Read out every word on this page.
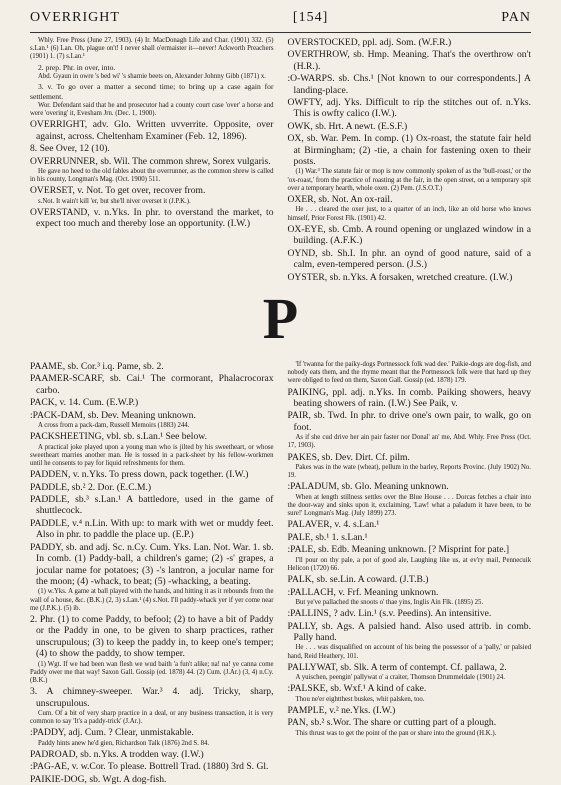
OVERRIGHT	[154]	PAN

Whly. Free Press (June 27, 1903). (4) Ir. MacDonagh Life and Char. (1901) 332. (5) s.Lan.¹ (6) Lan. Oh, plague on't! I never shall o'ermaister it—never! Ackworth Preachers (1901) 1. (7) s.Lan.¹

2. prep. Phr. in over, into.

Abd. Gyaun in owre 's bed wi' 's sharnie beets on, Alexander Johnny Gibb (1871) x.

3. v. To go over a matter a second time; to bring up a case again for settlement.

Wor. Defendant said that he and prosecutor had a county court case 'over' a horse and were 'overing' it, Evesham Jrn. (Dec. 1, 1900).

OVERRIGHT, adv. Glo. Written uvverrite. Opposite, over against, across. Cheltenham Examiner (Feb. 12, 1896).

8. See Over, 12 (10).

OVERRUNNER, sb. Wil. The common shrew, Sorex vulgaris.

He gave no heed to the old fables about the overrunner, as the common shrew is called in his county, Longman's Mag. (Oct. 1900) 511.

OVERSET, v. Not. To get over, recover from.

s.Not. It wain't kill 'er, but she'll niver overset it (J.P.K.).

OVERSTAND, v. n.Yks. In phr. to overstand the market, to expect too much and thereby lose an opportunity. (I.W.)

OVERSTOCKED, ppl. adj. Som. (W.F.R.)

OVERTHROW, sb. Hmp. Meaning. That's the overthrow on't (H.R.).

:O-WARPS. sb. Chs.¹ [Not known to our correspondents.] A landing-place.

OWFTY, adj. Yks. Difficult to rip the stitches out of. n.Yks. This is owfty calico (I.W.).

OWK, sb. Hrt. A newt. (E.S.F.)

OX, sb. War. Pem. In comp. (1) Ox-roast, the statute fair held at Birmingham; (2) -tie, a chain for fastening oxen to their posts.

(1) War.³ The statute fair or mop is now commonly spoken of as the 'bull-roast,' or the 'ox-roast,' from the practice of roasting at the fair, in the open street, on a temporary spit over a temporary hearth, whole oxen. (2) Pem. (J.S.O.T.)

OXER, sb. Not. An ox-rail.

He . . . cleared the oxer just, to a quarter of an inch, like an old horse who knows himself, Prior Forest Flk. (1901) 42.

OX-EYE, sb. Cmb. A round opening or unglazed window in a building. (A.F.K.)

OYND, sb. Sh.I. In phr. an oynd of good nature, said of a calm, even-tempered person. (J.S.)

OYSTER, sb. n.Yks. A forsaken, wretched creature. (I.W.)

P

PAAME, sb. Cor.³ i.q. Pame, sb. 2.

PAAMER-SCARF, sb. Cai.¹ The cormorant, Phalacrocorax carbo.

PACK, v. 14. Cum. (E.W.P.)

:PACK-DAM, sb. Dev. Meaning unknown.

A cross from a pack-dam, Russell Memoirs (1883) 244.

PACKSHEETING, vbl. sb. s.Lan.¹ See below.

A practical joke played upon a young man who is jilted by his sweetheart, or whose sweetheart marries another man. He is tossed in a pack-sheet by his fellow-workmen until he consents to pay for liquid refreshments for them.

PADDEN, v. n.Yks. To press down, pack together. (I.W.)

PADDLE, sb.² 2. Dor. (E.C.M.)

PADDLE, sb.³ s.Lan.¹ A battledore, used in the game of shuttlecock.

PADDLE, v.⁴ n.Lin. With up: to mark with wet or muddy feet. Also in phr. to paddle the place up. (E.P.)

PADDY, sb. and adj. Sc. n.Cy. Cum. Yks. Lan. Not. War. 1. sb. In comb. (1) Paddy-ball, a children's game; (2) -s' grapes, a jocular name for potatoes; (3) -'s lantron, a jocular name for the moon; (4) -whack, to beat; (5) -whacking, a beating.

(1) w.Yks. A game at ball played with the hands, and hitting it as it rebounds from the wall of a house, &c. (B.K.) (2, 3) s.Lan.¹ (4) s.Not. I'll paddy-whack yer if yer come near me (J.P.K.). (5) ib.

2. Phr. (1) to come Paddy, to befool; (2) to have a bit of Paddy or the Paddy in one, to be given to sharp practices, rather unscrupulous; (3) to keep the paddy in, to keep one's temper; (4) to show the paddy, to show temper.

(1) Wgt. If we had been wan flesh we wud baith 'a fun't alike; na! na! ye canna come Paddy ower me that way! Saxon Gall. Gossip (ed. 1878) 44. (2) Cum. (J.Ar.) (3, 4) n.Cy. (B.K.)

3. A chimney-sweeper. War.³ 4. adj. Tricky, sharp, unscrupulous.

Cum. Of a bit of very sharp practice in a deal, or any business transaction, it is very common to say 'It's a paddy-trick' (J.Ar.).

:PADDY, adj. Cum. ? Clear, unmistakable.

Paddy hints anew he'd gien, Richardson Talk (1876) 2nd S. 84.

PADROAD, sb. n.Yks. A trodden way. (I.W.)

:PAG-AE, v. w.Cor. To please. Bottrell Trad. (1880) 3rd S. Gl.

PAIKIE-DOG, sb. Wgt. A dog-fish.

'If 'twanna for the paiky-dogs Portnessock folk wad dee.' Paikie-dogs are dog-fish, and nobody eats them, and the rhyme meant that the Portnessock folk were that hard up they were obliged to feed on them, Saxon Gall. Gossip (ed. 1878) 179.

PAIKING, ppl. adj. n.Yks. In comb. Paiking showers, heavy beating showers of rain. (I.W.) See Paik, v.

PAIR, sb. Twd. In phr. to drive one's own pair, to walk, go on foot.

As if she cud drive her ain pair faster nor Donal' an' me, Abd. Whly. Free Press (Oct. 17, 1903).

PAKES, sb. Dev. Dirt. Cf. pilm.

Pakes was in the wate (wheat), pellum in the barley, Reports Provinc. (July 1902) No. 19.

:PALADUM, sb. Glo. Meaning unknown.

When at length stillness settles over the Blue House . . . Dorcas fetches a chair into the door-way and sinks upon it, exclaiming, 'Law! what a paladum it have been, to be sure!' Longman's Mag. (July 1899) 273.

PALAVER, v. 4. s.Lan.¹

PALE, sb.¹ 1. s.Lan.¹

:PALE, sb. Edb. Meaning unknown. [? Misprint for pate.]

I'll pour on thy pale, a pot of good ale, Laughing like us, at ev'ry mail, Pennecuik Helicon (1720) 66.

PALK, sb. se.Lin. A coward. (J.T.B.)

:PALLACH, v. Frf. Meaning unknown.

But ye've pallached the snoots o' thae yins, Inglis Ain Flk. (1895) 25.

:PALLINS, ? adv. Lin.¹ (s.v. Peedins). An intensitive.

PALLY, sb. Ags. A palsied hand. Also used attrib. in comb. Pally hand.

He . . . was disqualified on account of his being the possessor of a 'pally,' or palsied hand, Reid Heathery, 101.

PALLYWAT, sb. Slk. A term of contempt. Cf. pallawa, 2.

A yuischen, peengin' pallywat o' a craiter, Thomson Drummeldale (1901) 24.

:PALSKE, sb. Wxf.¹ A kind of cake.

Thou ne'er eightthest buskes, whit palsken, too.

PAMPLE, v.² ne.Yks. (I.W.)

PAN, sb.² s.Wor. The share or cutting part of a plough.

This thrust was to get the point of the pan or share into the ground (H.K.).
